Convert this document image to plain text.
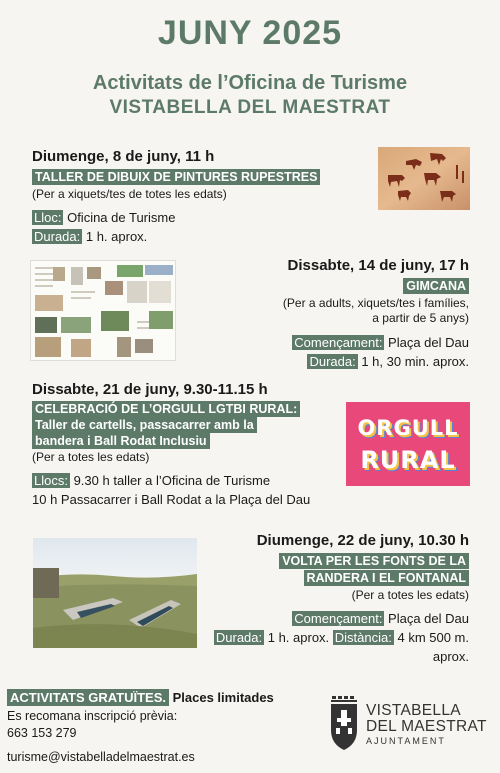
JUNY 2025
Activitats de l’Oficina de Turisme
VISTABELLA DEL MAESTRAT
Diumenge, 8 de juny, 11 h
TALLER DE DIBUIX DE PINTURES RUPESTRES
(Per a xiquets/tes de totes les edats)
Lloc: Oficina de Turisme
Durada: 1 h. aprox.
Dissabte, 14 de juny, 17 h
GIMCANA
(Per a adults, xiquets/tes i famílies,
a partir de 5 anys)
Començament: Plaça del Dau
Durada: 1 h, 30 min. aprox.
Dissabte, 21 de juny, 9.30-11.15 h
CELEBRACIÓ DE L’ORGULL LGTBI RURAL:
Taller de cartells, passacarrer amb la
bandera i Ball Rodat Inclusiu
(Per a totes les edats)
Llocs: 9.30 h taller a l’Oficina de Turisme
10 h Passacarrer i Ball Rodat a la Plaça del Dau
ORGULL
RURAL
Diumenge, 22 de juny, 10.30 h
VOLTA PER LES FONTS DE LA
RANDERA I EL FONTANAL
(Per a totes les edats)
Començament: Plaça del Dau
Durada: 1 h. aprox. Distància: 4 km 500 m.
aprox.
ACTIVITATS GRATUÏTES. Places limitades
Es recomana inscripció prèvia:
663 153 279
turisme@vistabelladelmaestrat.es
VISTABELLA
DEL MAESTRAT
AJUNTAMENT
